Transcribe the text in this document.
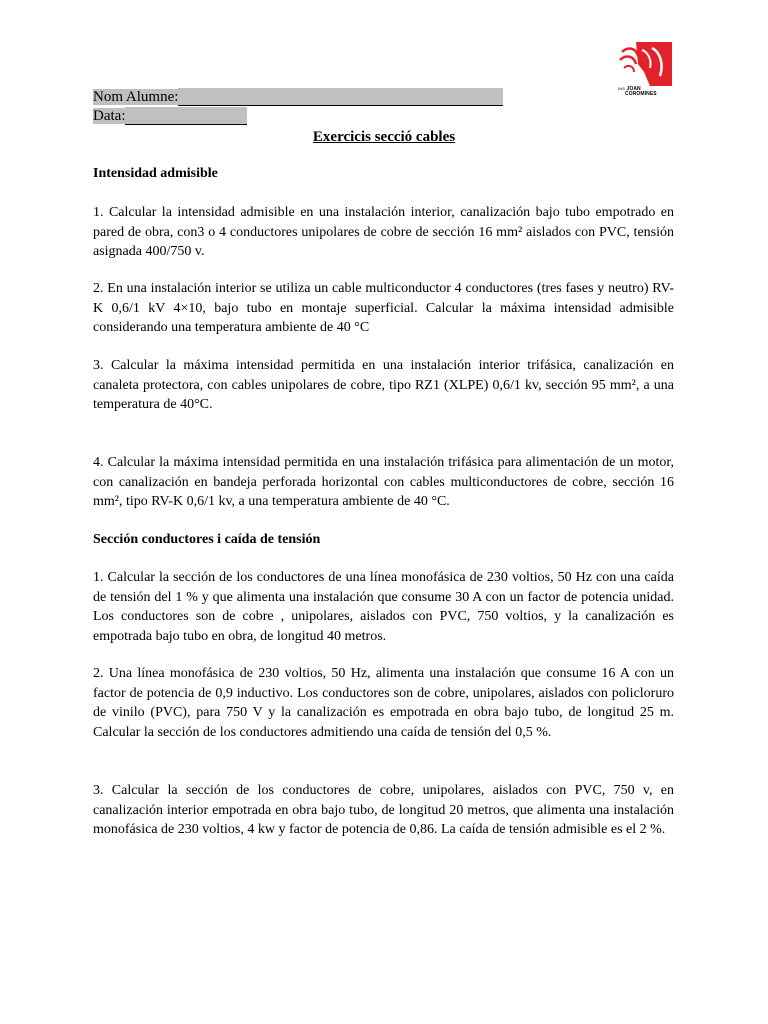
INS JOAN
COROMINES
Nom Alumne:
Data:
Exercicis secció cables
Intensidad admisible

1. Calcular la intensidad admisible en una instalación interior, canalización bajo tubo empotrado en pared de obra, con3 o 4 conductores unipolares de cobre de sección 16 mm² aislados con PVC, tensión asignada 400/750 v.

2. En una instalación interior se utiliza un cable multiconductor 4 conductores (tres fases y neutro) RV-K 0,6/1 kV 4×10, bajo tubo en montaje superficial. Calcular la máxima intensidad admisible considerando una temperatura ambiente de 40 °C

3. Calcular la máxima intensidad permitida en una instalación interior trifásica, canalización en canaleta protectora, con cables unipolares de cobre, tipo RZ1 (XLPE) 0,6/1 kv, sección 95 mm², a una temperatura de 40°C.

4. Calcular la máxima intensidad permitida en una instalación trifásica para alimentación de un motor, con canalización en bandeja perforada horizontal con cables multiconductores de cobre, sección 16 mm², tipo RV-K 0,6/1 kv, a una temperatura ambiente de 40 °C.

Sección conductores i caída de tensión

1. Calcular la sección de los conductores de una línea monofásica de 230 voltios, 50 Hz con una caída de tensión del 1 % y que alimenta una instalación que consume 30 A con un factor de potencia unidad. Los conductores son de cobre , unipolares, aislados con PVC, 750 voltios, y la canalización es empotrada bajo tubo en obra, de longitud 40 metros.

2. Una línea monofásica de 230 voltios, 50 Hz, alimenta una instalación que consume 16 A con un factor de potencia de 0,9 inductivo. Los conductores son de cobre, unipolares, aislados con policloruro de vinilo (PVC), para 750 V y la canalización es empotrada en obra bajo tubo, de longitud 25 m. Calcular la sección de los conductores admitiendo una caída de tensión del 0,5 %.

3. Calcular la sección de los conductores de cobre, unipolares, aislados con PVC, 750 v, en canalización interior empotrada en obra bajo tubo, de longitud 20 metros, que alimenta una instalación monofásica de 230 voltios, 4 kw y factor de potencia de 0,86. La caída de tensión admisible es el 2 %.
